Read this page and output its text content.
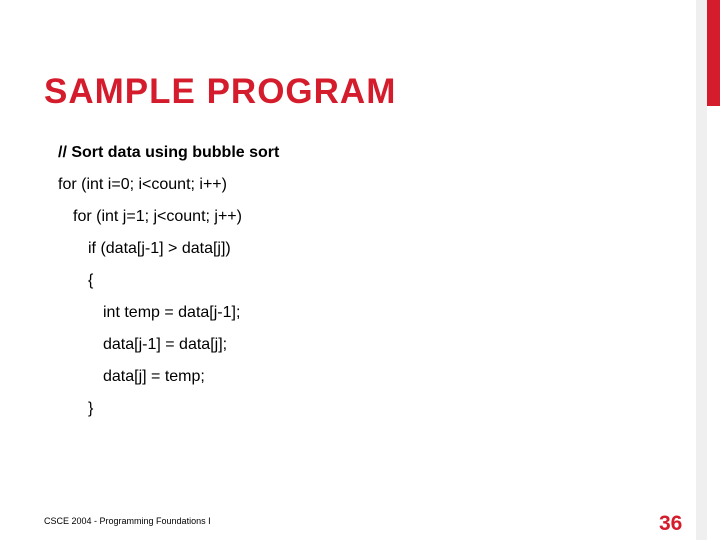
SAMPLE PROGRAM
// Sort data using bubble sort
for (int i=0; i<count; i++)
for (int j=1; j<count; j++)
if (data[j-1] > data[j])
{
int temp = data[j-1];
data[j-1] = data[j];
data[j] = temp;
}
CSCE 2004 - Programming Foundations I	36
